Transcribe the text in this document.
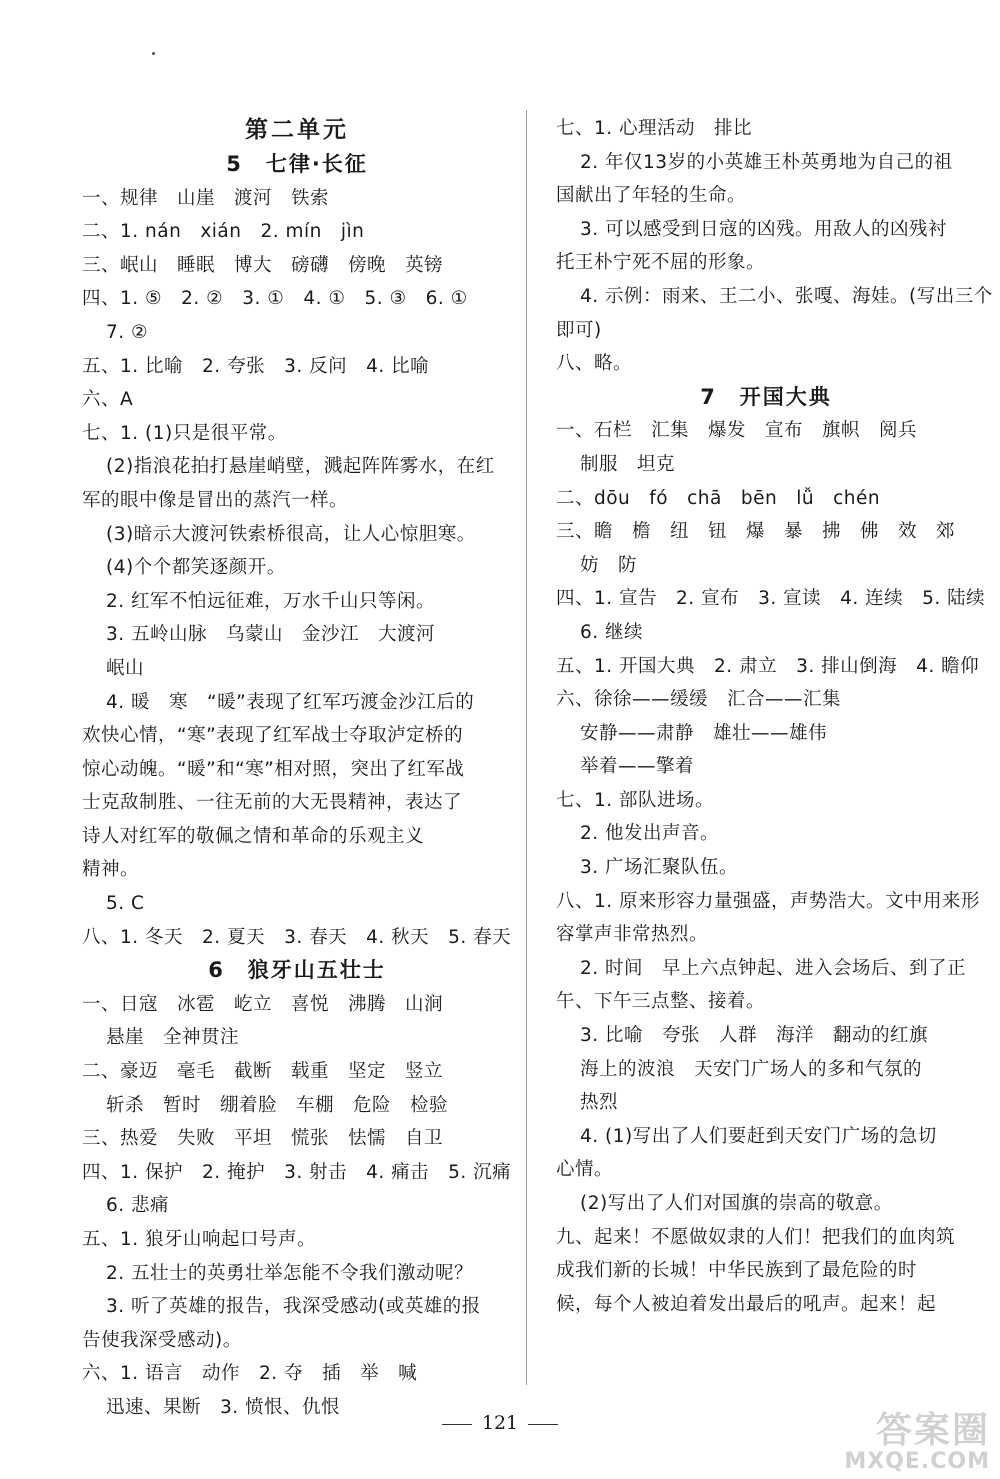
第二单元
5　七律·长征
一、规律　山崖　渡河　铁索
二、1. nán　xián　2. mín　jìn
三、岷山　睡眠　博大　磅礴　傍晚　英镑
四、1. ⑤　2. ②　3. ①　4. ①　5. ③　6. ①
7. ②
五、1. 比喻　2. 夸张　3. 反问　4. 比喻
六、A
七、1. (1)只是很平常。
(2)指浪花拍打悬崖峭壁，溅起阵阵雾水，在红
军的眼中像是冒出的蒸汽一样。
(3)暗示大渡河铁索桥很高，让人心惊胆寒。
(4)个个都笑逐颜开。
2. 红军不怕远征难，万水千山只等闲。
3. 五岭山脉　乌蒙山　金沙江　大渡河
岷山
4. 暖　寒　“暖”表现了红军巧渡金沙江后的
欢快心情，“寒”表现了红军战士夺取泸定桥的
惊心动魄。“暖”和“寒”相对照，突出了红军战
士克敌制胜、一往无前的大无畏精神，表达了
诗人对红军的敬佩之情和革命的乐观主义
精神。
5. C
八、1. 冬天　2. 夏天　3. 春天　4. 秋天　5. 春天
6　狼牙山五壮士
一、日寇　冰雹　屹立　喜悦　沸腾　山涧
悬崖　全神贯注
二、豪迈　毫毛　截断　载重　坚定　竖立
斩杀　暂时　绷着脸　车棚　危险　检验
三、热爱　失败　平坦　慌张　怯懦　自卫
四、1. 保护　2. 掩护　3. 射击　4. 痛击　5. 沉痛
6. 悲痛
五、1. 狼牙山响起口号声。
2. 五壮士的英勇壮举怎能不令我们激动呢？
3. 听了英雄的报告，我深受感动(或英雄的报
告使我深受感动)。
六、1. 语言　动作　2. 夺　插　举　喊
迅速、果断　3. 愤恨、仇恨
七、1. 心理活动　排比
2. 年仅13岁的小英雄王朴英勇地为自己的祖
国献出了年轻的生命。
3. 可以感受到日寇的凶残。用敌人的凶残衬
托王朴宁死不屈的形象。
4. 示例：雨来、王二小、张嘎、海娃。(写出三个
即可)
八、略。
7　开国大典
一、石栏　汇集　爆发　宣布　旗帜　阅兵
制服　坦克
二、dōu　fó　chā　bēn　lǚ　chén
三、瞻　檐　纽　钮　爆　暴　拂　佛　效　郊
妨　防
四、1. 宣告　2. 宣布　3. 宣读　4. 连续　5. 陆续
6. 继续
五、1. 开国大典　2. 肃立　3. 排山倒海　4. 瞻仰
六、徐徐——缓缓　汇合——汇集
安静——肃静　雄壮——雄伟
举着——擎着
七、1. 部队进场。
2. 他发出声音。
3. 广场汇聚队伍。
八、1. 原来形容力量强盛，声势浩大。文中用来形
容掌声非常热烈。
2. 时间　早上六点钟起、进入会场后、到了正
午、下午三点整、接着。
3. 比喻　夸张　人群　海洋　翻动的红旗
海上的波浪　天安门广场人的多和气氛的
热烈
4. (1)写出了人们要赶到天安门广场的急切
心情。
(2)写出了人们对国旗的崇高的敬意。
九、起来！不愿做奴隶的人们！把我们的血肉筑
成我们新的长城！中华民族到了最危险的时
候，每个人被迫着发出最后的吼声。起来！起
121	答案圈
MXQE.COM
